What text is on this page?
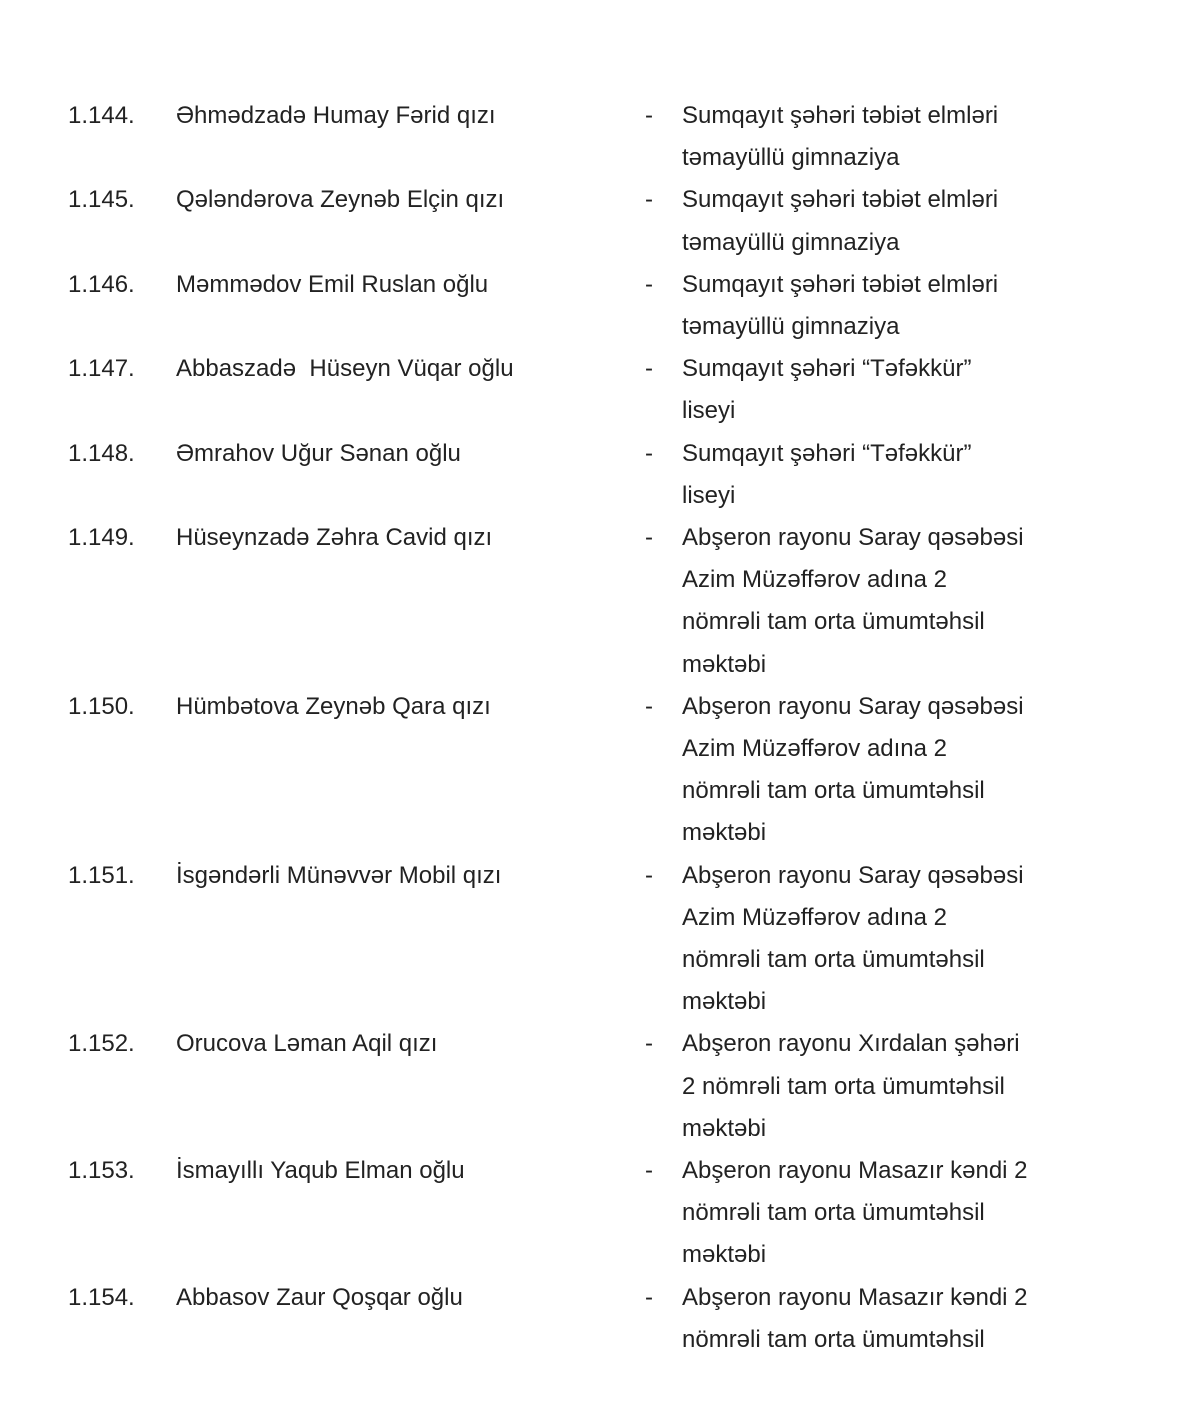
1.144. Əhmədzadə Humay Fərid qızı	- Sumqayıt şəhəri təbiət elmləri
təmayüllü gimnaziya
1.145. Qələndərova Zeynəb Elçin qızı	- Sumqayıt şəhəri təbiət elmləri
təmayüllü gimnaziya
1.146. Məmmədov Emil Ruslan oğlu	- Sumqayıt şəhəri təbiət elmləri
təmayüllü gimnaziya
1.147. Abbaszadə  Hüseyn Vüqar oğlu	- Sumqayıt şəhəri “Təfəkkür”
liseyi
1.148. Əmrahov Uğur Sənan oğlu	- Sumqayıt şəhəri “Təfəkkür”
liseyi
1.149. Hüseynzadə Zəhra Cavid qızı	- Abşeron rayonu Saray qəsəbəsi
Azim Müzəffərov adına 2
nömrəli tam orta ümumtəhsil
məktəbi
1.150. Hümbətova Zeynəb Qara qızı	- Abşeron rayonu Saray qəsəbəsi
Azim Müzəffərov adına 2
nömrəli tam orta ümumtəhsil
məktəbi
1.151. İsgəndərli Münəvvər Mobil qızı	- Abşeron rayonu Saray qəsəbəsi
Azim Müzəffərov adına 2
nömrəli tam orta ümumtəhsil
məktəbi
1.152. Orucova Ləman Aqil qızı	- Abşeron rayonu Xırdalan şəhəri
2 nömrəli tam orta ümumtəhsil
məktəbi
1.153. İsmayıllı Yaqub Elman oğlu	- Abşeron rayonu Masazır kəndi 2
nömrəli tam orta ümumtəhsil
məktəbi
1.154. Abbasov Zaur Qoşqar oğlu	- Abşeron rayonu Masazır kəndi 2
nömrəli tam orta ümumtəhsil
